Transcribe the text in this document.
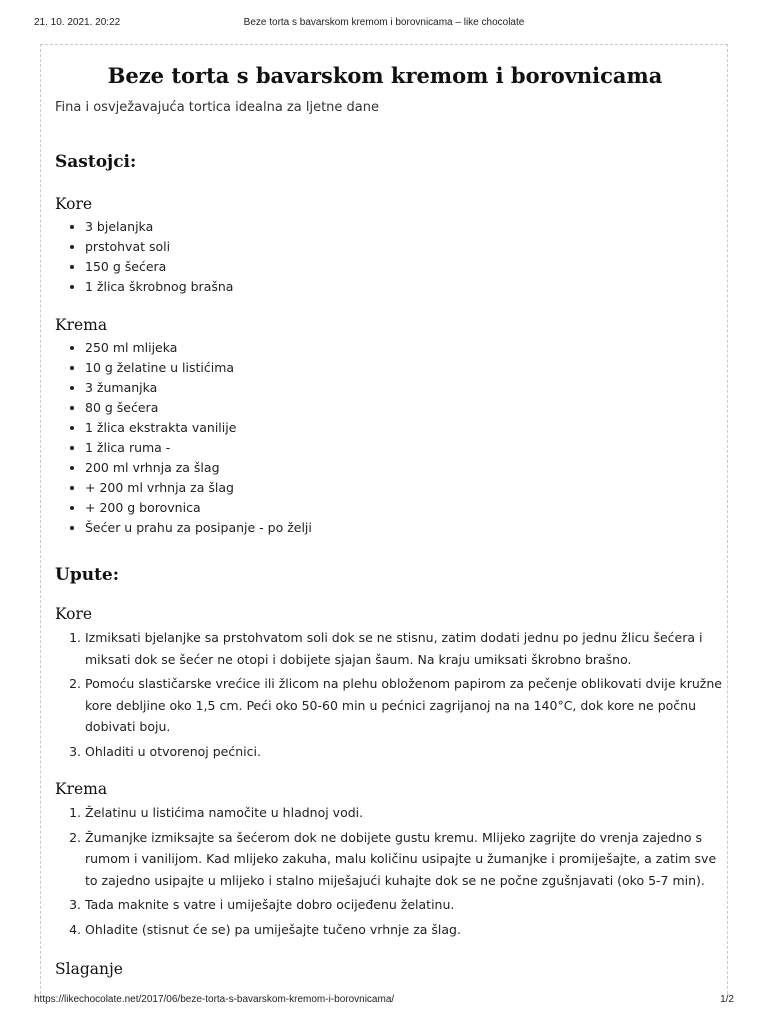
21. 10. 2021. 20:22	Beze torta s bavarskom kremom i borovnicama – like chocolate
Beze torta s bavarskom kremom i borovnicama
Fina i osvježavajuća tortica idealna za ljetne dane
Sastojci:
Kore
• 3 bjelanjka
• prstohvat soli
• 150 g šećera
• 1 žlica škrobnog brašna
Krema
• 250 ml mlijeka
• 10 g želatine u listićima
• 3 žumanjka
• 80 g šećera
• 1 žlica ekstrakta vanilije
• 1 žlica ruma -
• 200 ml vrhnja za šlag
• + 200 ml vrhnja za šlag
• + 200 g borovnica
• Šećer u prahu za posipanje - po želji
Upute:
Kore
1. Izmiksati bjelanjke sa prstohvatom soli dok se ne stisnu, zatim dodati jednu po jednu žlicu šećera i miksati dok se šećer ne otopi i dobijete sjajan šaum. Na kraju umiksati škrobno brašno.
2. Pomoću slastičarske vrećice ili žlicom na plehu obloženom papirom za pečenje oblikovati dvije kružne kore debljine oko 1,5 cm. Peći oko 50-60 min u pećnici zagrijanoj na na 140°C, dok kore ne počnu dobivati boju.
3. Ohladiti u otvorenoj pećnici.
Krema
1. Želatinu u listićima namočite u hladnoj vodi.
2. Žumanjke izmiksajte sa šećerom dok ne dobijete gustu kremu. Mlijeko zagrijte do vrenja zajedno s rumom i vanilijom. Kad mlijeko zakuha, malu količinu usipajte u žumanjke i promiješajte, a zatim sve to zajedno usipajte u mlijeko i stalno miješajući kuhajte dok se ne počne zgušnjavati (oko 5-7 min).
3. Tada maknite s vatre i umiješajte dobro ocijeđenu želatinu.
4. Ohladite (stisnut će se) pa umiješajte tučeno vrhnje za šlag.
Slaganje
https://likechocolate.net/2017/06/beze-torta-s-bavarskom-kremom-i-borovnicama/	1/2
